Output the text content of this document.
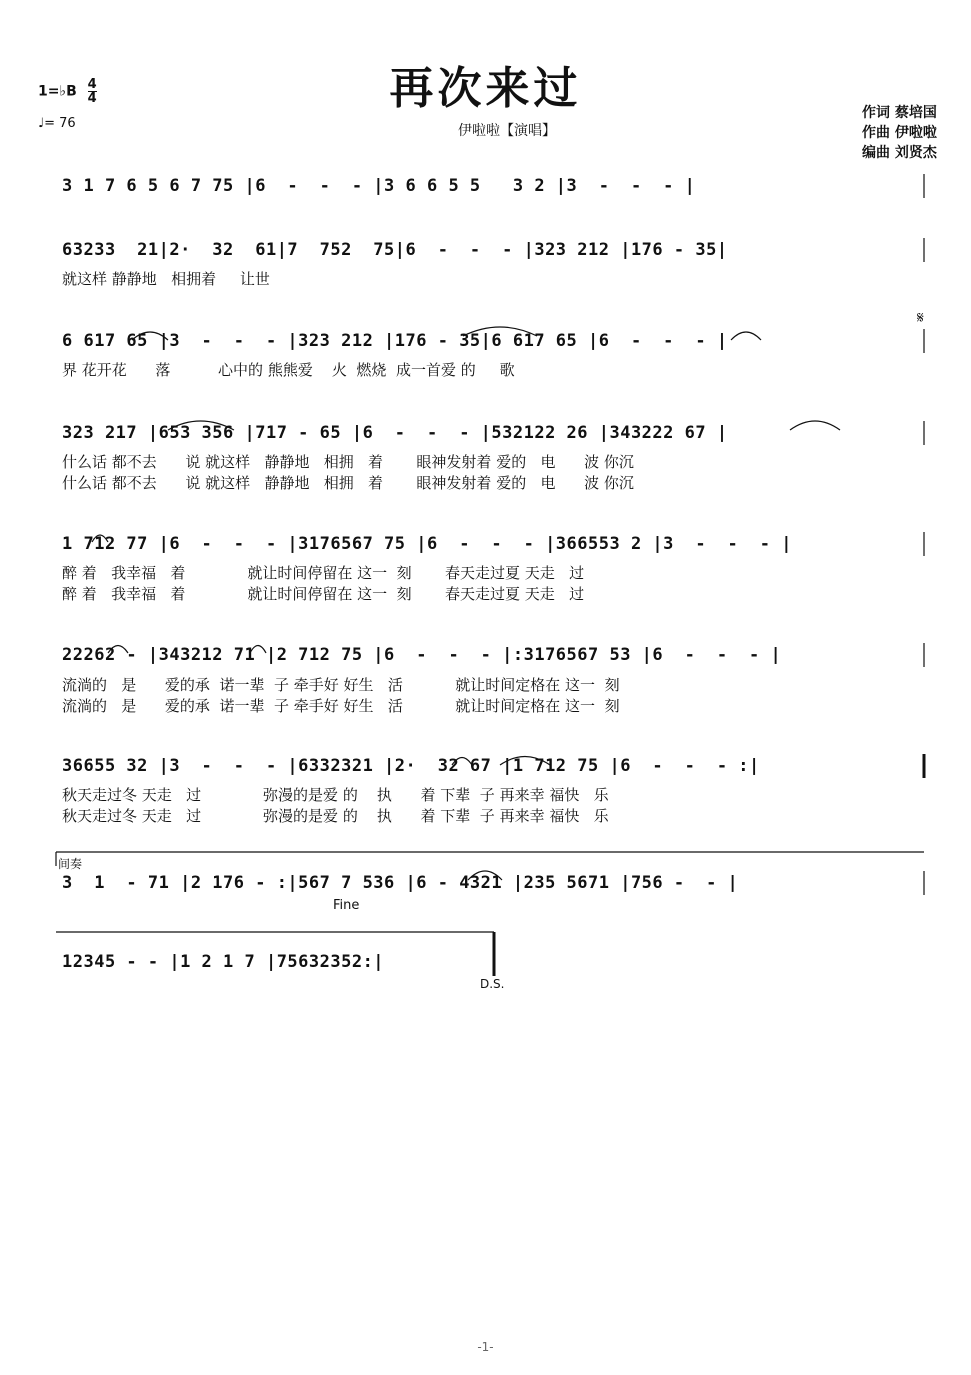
再次来过
伊啦啦【演唱】
1=♭B $\frac{4}{4}$
♩= 76
作词 蔡培国
作曲 伊啦啦
编曲 刘贤杰
3 1 7 6 5 6 7 75 |6  -  -  - |3 6 6 5 5   3 2 |3  -  -  - |
63233  21|2·  32  61|7  752  75|6  -  -  - |323 212 |176 - 35|
就这样 静静地   相拥着     让世
6 617 65 |3  -  -  - |323 212 |176 - 35|6 617 65 |6  -  -  - |
界 花开花      落          心中的 熊熊爱    火  燃烧  成一首爱 的     歌
323 217 |653 356 |717 - 65 |6  -  -  - |532122 26 |343222 67 |
什么话 都不去      说 就这样   静静地   相拥   着       眼神发射着 爱的   电      波 你沉
什么话 都不去      说 就这样   静静地   相拥   着       眼神发射着 爱的   电      波 你沉
1 712 77 |6  -  -  - |3176567 75 |6  -  -  - |366553 2 |3  -  -  - |
醉 着   我幸福   着             就让时间停留在 这一  刻       春天走过夏 天走   过
醉 着   我幸福   着             就让时间停留在 这一  刻       春天走过夏 天走   过
22262 - |343212 71 |2 712 75 |6  -  -  - |:3176567 53 |6  -  -  - |
流淌的   是      爱的承  诺一辈  子 牵手好 好生   活           就让时间定格在 这一  刻
流淌的   是      爱的承  诺一辈  子 牵手好 好生   活           就让时间定格在 这一  刻
36655 32 |3  -  -  - |6332321 |2·  32 67 |1 712 75 |6  -  -  - :|
秋天走过冬 天走   过             弥漫的是爱 的    执      着 下辈  子 再来幸 福快   乐
秋天走过冬 天走   过             弥漫的是爱 的    执      着 下辈  子 再来幸 福快   乐
间奏
3  1  - 71 |2 176 - :|567 7 536 |6 - 4321 |235 5671 |756 -  - |
Fine
12345 - - |1 2 1 7 |75632352:|
D.S.
𝄋
-1-
